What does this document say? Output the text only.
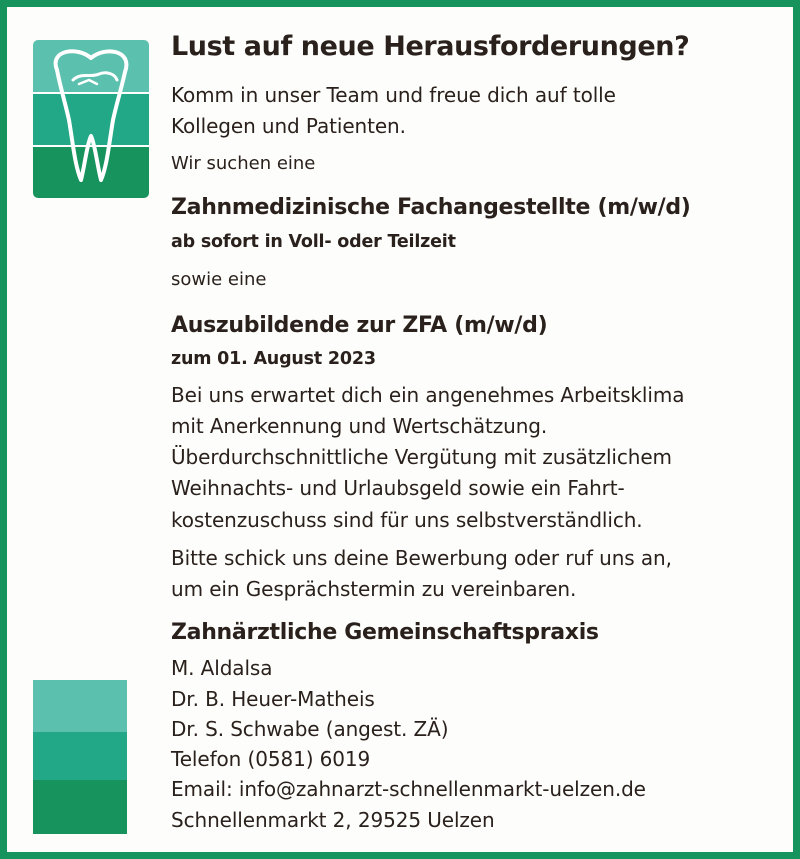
Lust auf neue Herausforderungen?
Komm in unser Team und freue dich auf tolle
Kollegen und Patienten.
Wir suchen eine
Zahnmedizinische Fachangestellte (m/w/d)
ab sofort in Voll- oder Teilzeit
sowie eine
Auszubildende zur ZFA (m/w/d)
zum 01. August 2023
Bei uns erwartet dich ein angenehmes Arbeitsklima
mit Anerkennung und Wertschätzung.
Überdurchschnittliche Vergütung mit zusätzlichem
Weihnachts- und Urlaubsgeld sowie ein Fahrt-
kostenzuschuss sind für uns selbstverständlich.
Bitte schick uns deine Bewerbung oder ruf uns an,
um ein Gesprächstermin zu vereinbaren.
Zahnärztliche Gemeinschaftspraxis
M. Aldalsa
Dr. B. Heuer-Matheis
Dr. S. Schwabe (angest. ZÄ)
Telefon (0581) 6019
Email: info@zahnarzt-schnellenmarkt-uelzen.de
Schnellenmarkt 2, 29525 Uelzen
